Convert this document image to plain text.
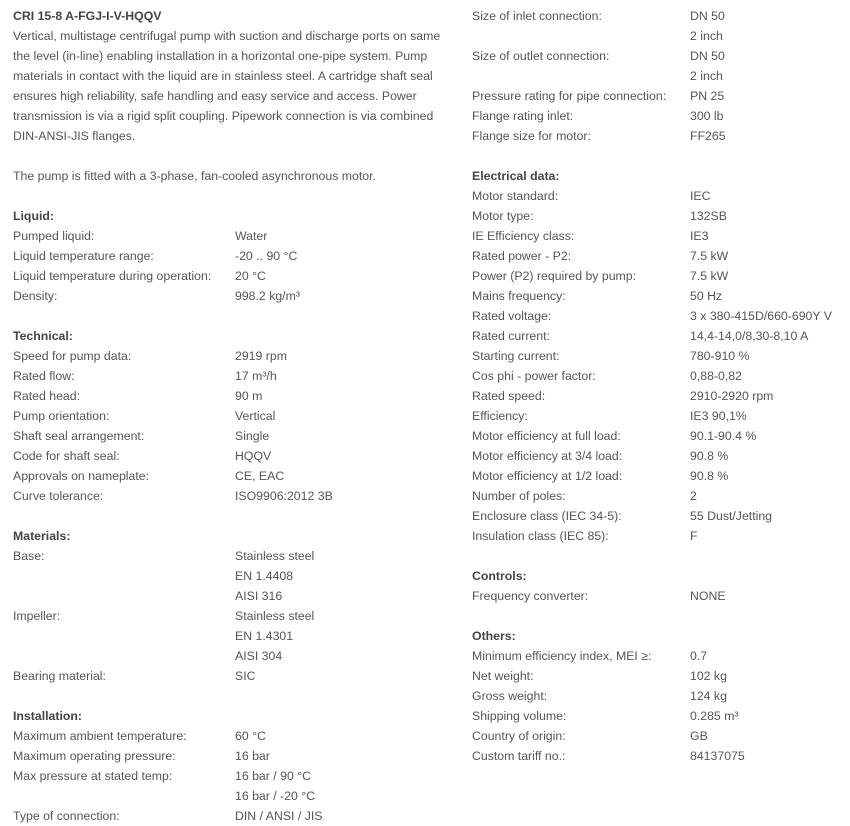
CRI 15-8 A-FGJ-I-V-HQQV

Vertical, multistage centrifugal pump with suction and discharge ports on same the level (in-line) enabling installation in a horizontal one-pipe system. Pump materials in contact with the liquid are in stainless steel. A cartridge shaft seal ensures high reliability, safe handling and easy service and access. Power transmission is via a rigid split coupling. Pipework connection is via combined DIN-ANSI-JIS flanges.

The pump is fitted with a 3-phase, fan-cooled asynchronous motor.

Liquid:
Pumped liquid:	Water
Liquid temperature range:	-20 .. 90 °C
Liquid temperature during operation:	20 °C
Density:	998.2 kg/m³
Technical:
Speed for pump data:	2919 rpm
Rated flow:	17 m³/h
Rated head:	90 m
Pump orientation:	Vertical
Shaft seal arrangement:	Single
Code for shaft seal:	HQQV
Approvals on nameplate:	CE, EAC
Curve tolerance:	ISO9906:2012 3B
Materials:
Base:	Stainless steel
EN 1.4408
AISI 316
Impeller:	Stainless steel
EN 1.4301
AISI 304
Bearing material:	SIC
Installation:
Maximum ambient temperature:	60 °C
Maximum operating pressure:	16 bar
Max pressure at stated temp:	16 bar / 90 °C
16 bar / -20 °C
Type of connection:	DIN / ANSI / JIS
Size of inlet connection:	DN 50
2 inch
Size of outlet connection:	DN 50
2 inch
Pressure rating for pipe connection:	PN 25
Flange rating inlet:	300 lb
Flange size for motor:	FF265
Electrical data:
Motor standard:	IEC
Motor type:	132SB
IE Efficiency class:	IE3
Rated power - P2:	7.5 kW
Power (P2) required by pump:	7.5 kW
Mains frequency:	50 Hz
Rated voltage:	3 x 380-415D/660-690Y V
Rated current:	14,4-14,0/8,30-8,10 A
Starting current:	780-910 %
Cos phi - power factor:	0,88-0,82
Rated speed:	2910-2920 rpm
Efficiency:	IE3 90,1%
Motor efficiency at full load:	90.1-90.4 %
Motor efficiency at 3/4 load:	90.8 %
Motor efficiency at 1/2 load:	90.8 %
Number of poles:	2
Enclosure class (IEC 34-5):	55 Dust/Jetting
Insulation class (IEC 85):	F
Controls:
Frequency converter:	NONE
Others:
Minimum efficiency index, MEI ≥:	0.7
Net weight:	102 kg
Gross weight:	124 kg
Shipping volume:	0.285 m³
Country of origin:	GB
Custom tariff no.:	84137075
